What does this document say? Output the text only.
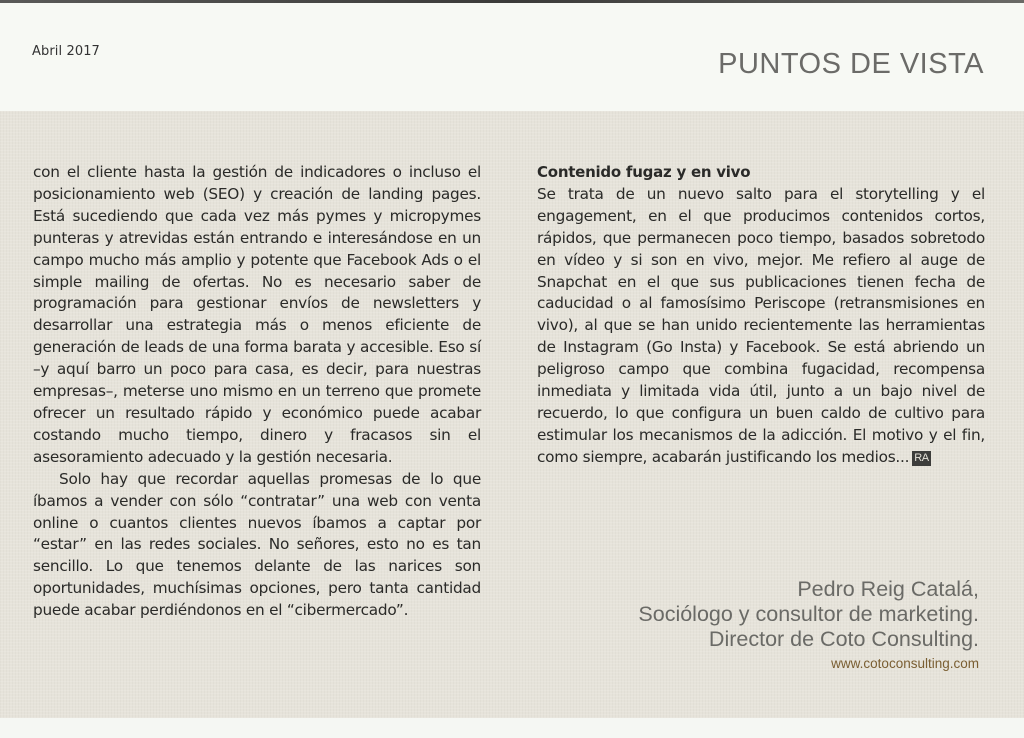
Abril 2017	PUNTOS DE VISTA

con el cliente hasta la gestión de indicadores o incluso el posicionamiento web (SEO) y creación de landing pages. Está sucediendo que cada vez más pymes y micropymes punteras y atrevidas están entrando e interesándose en un campo mucho más amplio y potente que Facebook Ads o el simple mailing de ofertas. No es necesario saber de programación para gestionar envíos de newsletters y desarrollar una estrategia más o menos eficiente de generación de leads de una forma barata y accesible. Eso sí –y aquí barro un poco para casa, es decir, para nuestras empresas–, meterse uno mismo en un terreno que promete ofrecer un resultado rápido y económico puede acabar costando mucho tiempo, dinero y fracasos sin el asesoramiento adecuado y la gestión necesaria.

Solo hay que recordar aquellas promesas de lo que íbamos a vender con sólo “contratar” una web con venta online o cuantos clientes nuevos íbamos a captar por “estar” en las redes sociales. No señores, esto no es tan sencillo. Lo que tenemos delante de las narices son oportunidades, muchísimas opciones, pero tanta cantidad puede acabar perdiéndonos en el “cibermercado”.

Contenido fugaz y en vivo

Se trata de un nuevo salto para el storytelling y el engagement, en el que producimos contenidos cortos, rápidos, que permanecen poco tiempo, basados sobretodo en vídeo y si son en vivo, mejor. Me refiero al auge de Snapchat en el que sus publicaciones tienen fecha de caducidad o al famosísimo Periscope (retransmisiones en vivo), al que se han unido recientemente las herramientas de Instagram (Go Insta) y Facebook. Se está abriendo un peligroso campo que combina fugacidad, recompensa inmediata y limitada vida útil, junto a un bajo nivel de recuerdo, lo que configura un buen caldo de cultivo para estimular los mecanismos de la adicción. El motivo y el fin, como siempre, acabarán justificando los medios... RA

Pedro Reig Catalá,
Sociólogo y consultor de marketing.
Director de Coto Consulting.
www.cotoconsulting.com
